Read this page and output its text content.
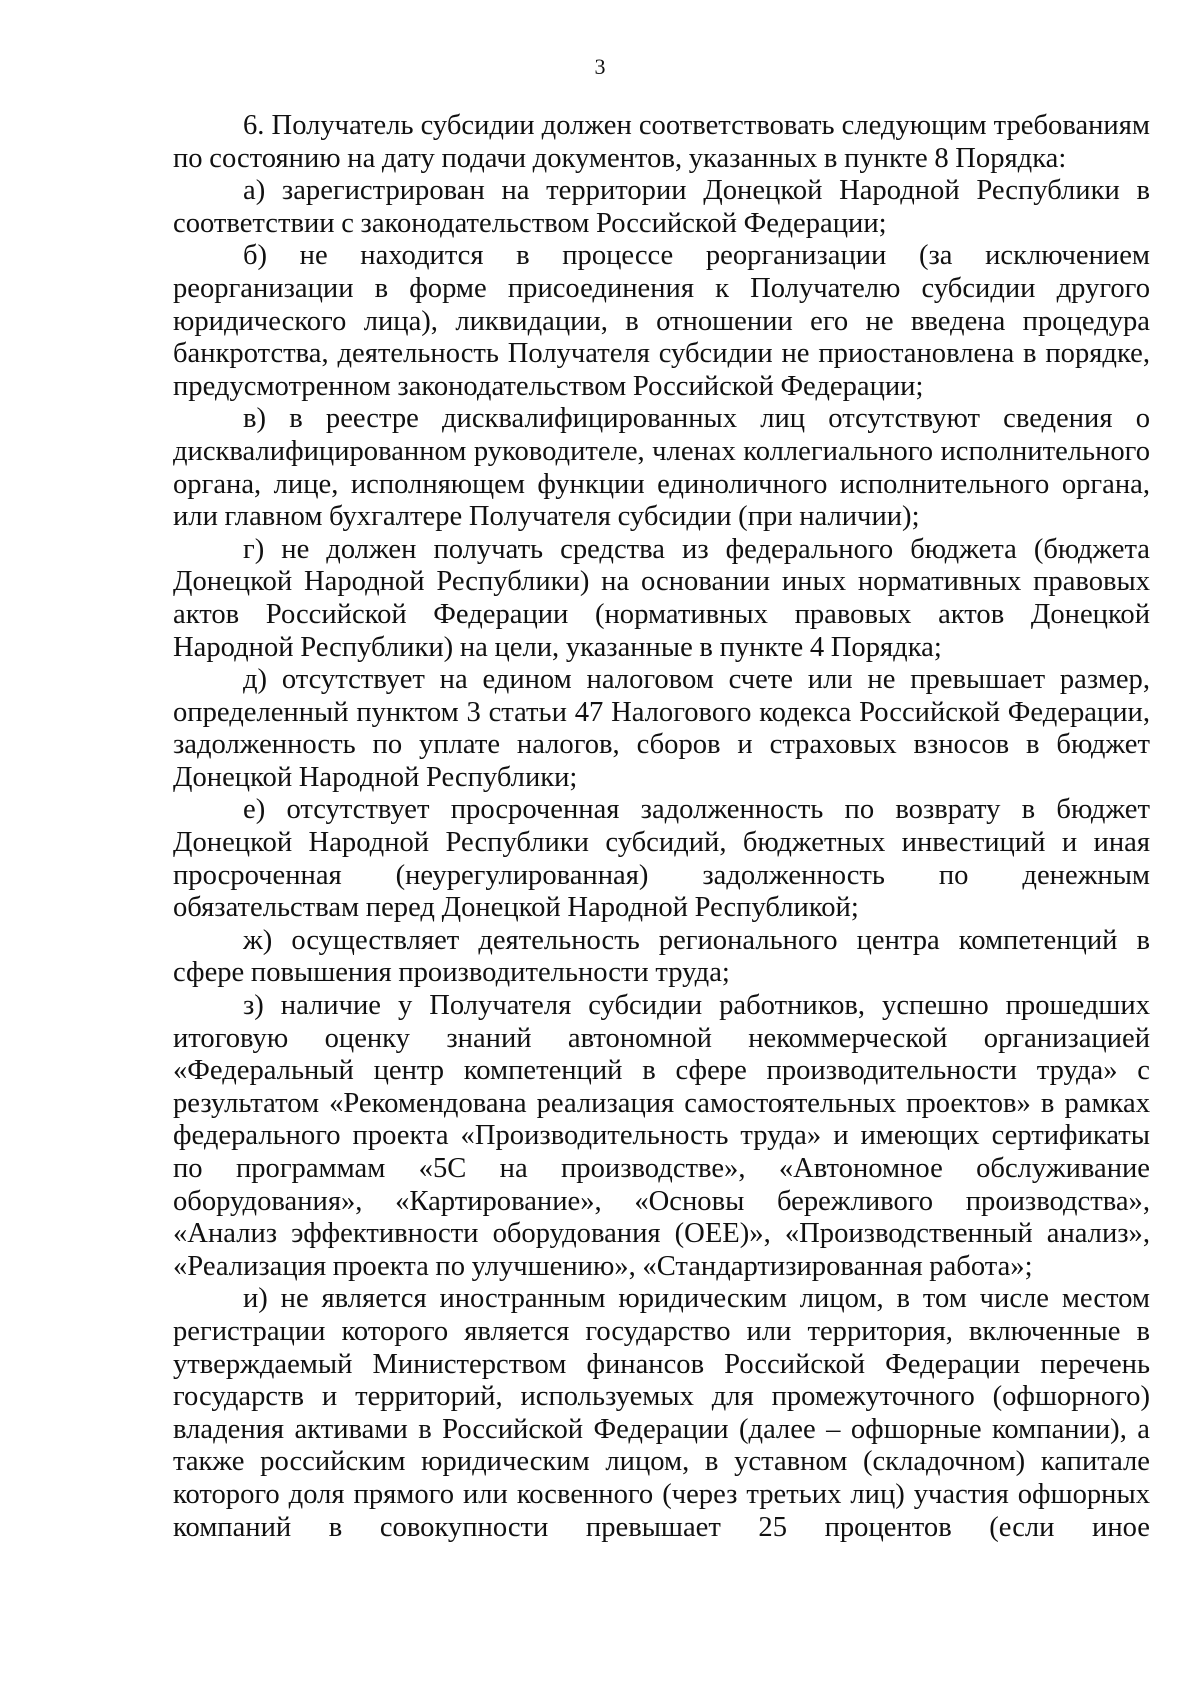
3

6. Получатель субсидии должен соответствовать следующим требованиям по состоянию на дату подачи документов, указанных в пункте 8 Порядка:

а) зарегистрирован на территории Донецкой Народной Республики в соответствии с законодательством Российской Федерации;

б) не находится в процессе реорганизации (за исключением реорганизации в форме присоединения к Получателю субсидии другого юридического лица), ликвидации, в отношении его не введена процедура банкротства, деятельность Получателя субсидии не приостановлена в порядке, предусмотренном законодательством Российской Федерации;

в) в реестре дисквалифицированных лиц отсутствуют сведения о дисквалифицированном руководителе, членах коллегиального исполнительного органа, лице, исполняющем функции единоличного исполнительного органа, или главном бухгалтере Получателя субсидии (при наличии);

г) не должен получать средства из федерального бюджета (бюджета Донецкой Народной Республики) на основании иных нормативных правовых актов Российской Федерации (нормативных правовых актов Донецкой Народной Республики) на цели, указанные в пункте 4 Порядка;

д) отсутствует на едином налоговом счете или не превышает размер, определенный пунктом 3 статьи 47 Налогового кодекса Российской Федерации, задолженность по уплате налогов, сборов и страховых взносов в бюджет Донецкой Народной Республики;

е) отсутствует просроченная задолженность по возврату в бюджет Донецкой Народной Республики субсидий, бюджетных инвестиций и иная просроченная (неурегулированная) задолженность по денежным обязательствам перед Донецкой Народной Республикой;

ж) осуществляет деятельность регионального центра компетенций в сфере повышения производительности труда;

з) наличие у Получателя субсидии работников, успешно прошедших итоговую оценку знаний автономной некоммерческой организацией «Федеральный центр компетенций в сфере производительности труда» с результатом «Рекомендована реализация самостоятельных проектов» в рамках федерального проекта «Производительность труда» и имеющих сертификаты по программам «5С на производстве», «Автономное обслуживание оборудования», «Картирование», «Основы бережливого производства», «Анализ эффективности оборудования (ОЕЕ)», «Производственный анализ», «Реализация проекта по улучшению», «Стандартизированная работа»;

и) не является иностранным юридическим лицом, в том числе местом регистрации которого является государство или территория, включенные в утверждаемый Министерством финансов Российской Федерации перечень государств и территорий, используемых для промежуточного (офшорного) владения активами в Российской Федерации (далее – офшорные компании), а также российским юридическим лицом, в уставном (складочном) капитале которого доля прямого или косвенного (через третьих лиц) участия офшорных компаний в совокупности превышает 25 процентов (если иное
